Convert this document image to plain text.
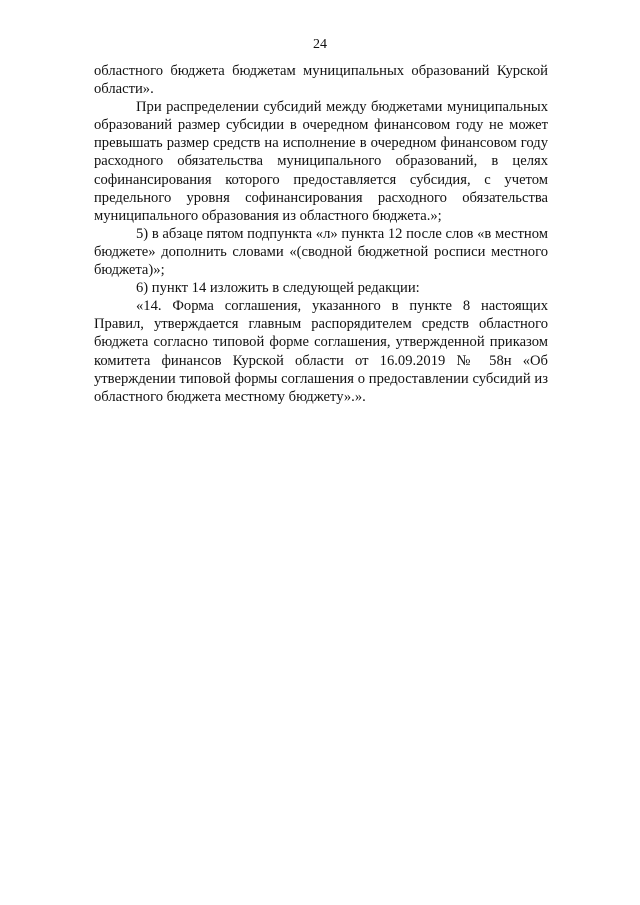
24

областного бюджета бюджетам муниципальных образований Курской области».

При распределении субсидий между бюджетами муниципальных образований размер субсидии в очередном финансовом году не может превышать размер средств на исполнение в очередном финансовом году расходного обязательства муниципального образований, в целях софинансирования которого предоставляется субсидия, с учетом предельного уровня софинансирования расходного обязательства муниципального образования из областного бюджета.»;

5) в абзаце пятом подпункта «л» пункта 12 после слов «в местном бюджете» дополнить словами «(сводной бюджетной росписи местного бюджета)»;

6) пункт 14 изложить в следующей редакции:

«14. Форма соглашения, указанного в пункте 8 настоящих Правил, утверждается главным распорядителем средств областного бюджета согласно типовой форме соглашения, утвержденной приказом комитета финансов Курской области от 16.09.2019 № 58н «Об утверждении типовой формы соглашения о предоставлении субсидий из областного бюджета местному бюджету».».
